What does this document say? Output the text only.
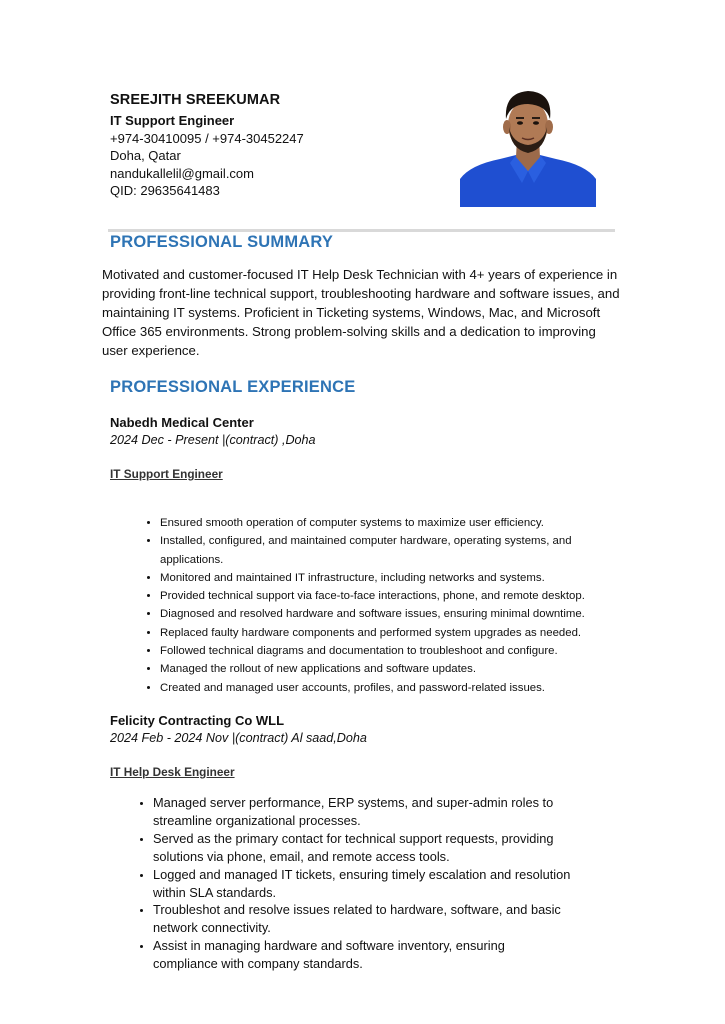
SREEJITH SREEKUMAR
IT Support Engineer
+974-30410095 / +974-30452247
Doha, Qatar
nandukallelil@gmail.com
QID: 29635641483
PROFESSIONAL SUMMARY
Motivated and customer-focused IT Help Desk Technician with 4+ years of experience in providing front-line technical support, troubleshooting hardware and software issues, and maintaining IT systems. Proficient in Ticketing systems, Windows, Mac, and Microsoft Office 365 environments. Strong problem-solving skills and a dedication to improving user experience.
PROFESSIONAL EXPERIENCE
Nabedh Medical Center
2024 Dec - Present |(contract) ,Doha
IT Support Engineer
• Ensured smooth operation of computer systems to maximize user efficiency.
• Installed, configured, and maintained computer hardware, operating systems, and applications.
• Monitored and maintained IT infrastructure, including networks and systems.
• Provided technical support via face-to-face interactions, phone, and remote desktop.
• Diagnosed and resolved hardware and software issues, ensuring minimal downtime.
• Replaced faulty hardware components and performed system upgrades as needed.
• Followed technical diagrams and documentation to troubleshoot and configure.
• Managed the rollout of new applications and software updates.
• Created and managed user accounts, profiles, and password-related issues.
Felicity Contracting Co WLL
2024 Feb - 2024 Nov |(contract) Al saad,Doha
IT Help Desk Engineer
• Managed server performance, ERP systems, and super-admin roles to streamline organizational processes.
• Served as the primary contact for technical support requests, providing solutions via phone, email, and remote access tools.
• Logged and managed IT tickets, ensuring timely escalation and resolution within SLA standards.
• Troubleshot and resolve issues related to hardware, software, and basic network connectivity.
• Assist in managing hardware and software inventory, ensuring compliance with company standards.
